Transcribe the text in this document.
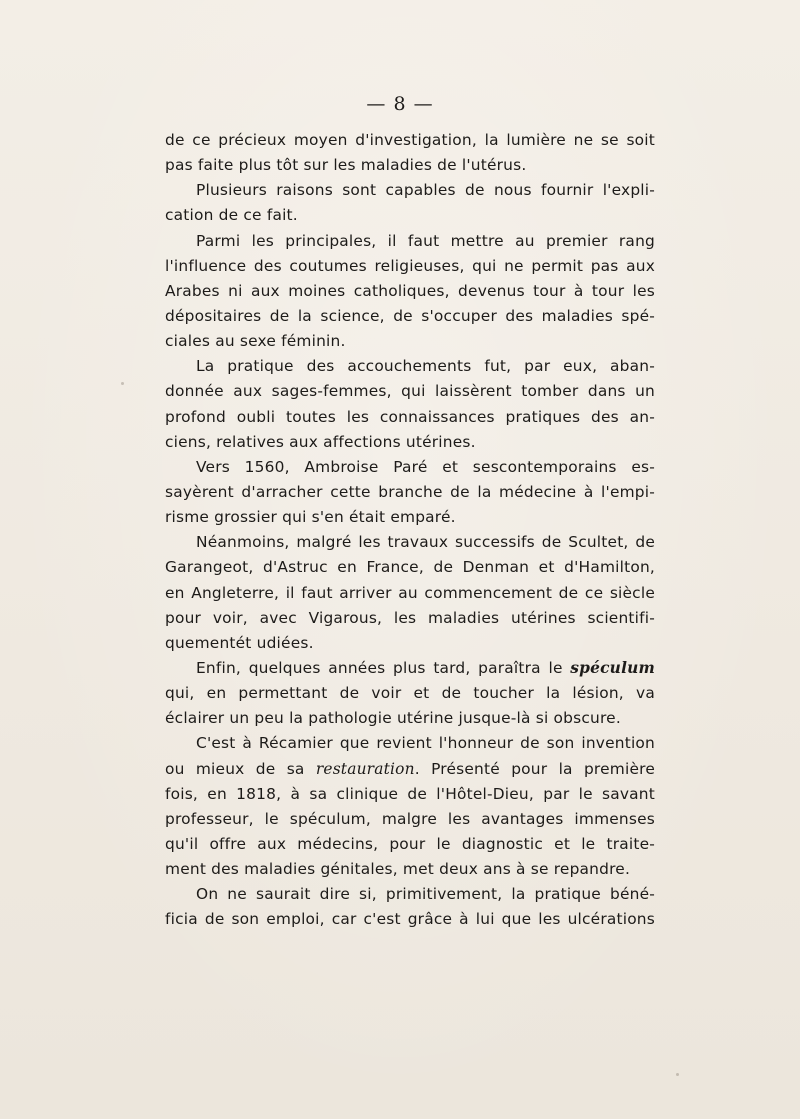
— 8 —
de ce précieux moyen d'investigation, la lumière ne se soit
pas faite plus tôt sur les maladies de l'utérus.
Plusieurs raisons sont capables de nous fournir l'expli-
cation de ce fait.
Parmi les principales, il faut mettre au premier rang
l'influence des coutumes religieuses, qui ne permit pas aux
Arabes ni aux moines catholiques, devenus tour à tour les
dépositaires de la science, de s'occuper des maladies spé-
ciales au sexe féminin.
La pratique des accouchements fut, par eux, aban-
donnée aux sages-femmes, qui laissèrent tomber dans un
profond oubli toutes les connaissances pratiques des an-
ciens, relatives aux affections utérines.
Vers 1560, Ambroise Paré et sescontemporains es-
sayèrent d'arracher cette branche de la médecine à l'empi-
risme grossier qui s'en était emparé.
Néanmoins, malgré les travaux successifs de Scultet, de
Garangeot, d'Astruc en France, de Denman et d'Hamilton,
en Angleterre, il faut arriver au commencement de ce siècle
pour voir, avec Vigarous, les maladies utérines scientifi-
quementét udiées.
Enfin, quelques années plus tard, paraîtra le spéculum
qui, en permettant de voir et de toucher la lésion, va
éclairer un peu la pathologie utérine jusque-là si obscure.
C'est à Récamier que revient l'honneur de son invention
ou mieux de sa restauration. Présenté pour la première
fois, en 1818, à sa clinique de l'Hôtel-Dieu, par le savant
professeur, le spéculum, malgre les avantages immenses
qu'il offre aux médecins, pour le diagnostic et le traite-
ment des maladies génitales, met deux ans à se repandre.
On ne saurait dire si, primitivement, la pratique béné-
ficia de son emploi, car c'est grâce à lui que les ulcérations
